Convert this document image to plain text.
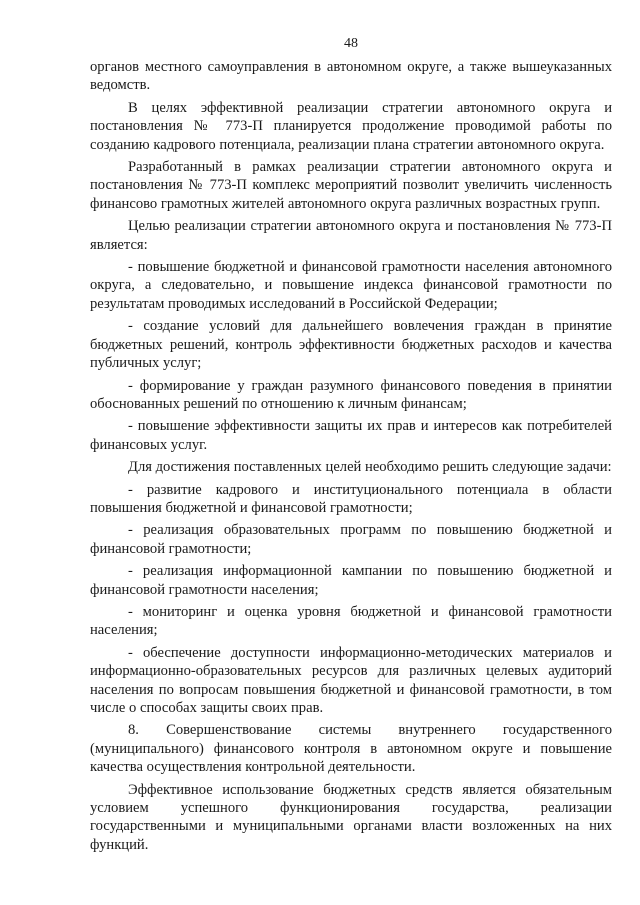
48

органов местного самоуправления в автономном округе, а также вышеуказанных ведомств.

В целях эффективной реализации стратегии автономного округа и постановления № 773-П планируется продолжение проводимой работы по созданию кадрового потенциала, реализации плана стратегии автономного округа.

Разработанный в рамках реализации стратегии автономного округа и постановления № 773-П комплекс мероприятий позволит увеличить численность финансово грамотных жителей автономного округа различных возрастных групп.

Целью реализации стратегии автономного округа и постановления № 773-П является:

- повышение бюджетной и финансовой грамотности населения автономного округа, а следовательно, и повышение индекса финансовой грамотности по результатам проводимых исследований в Российской Федерации;

- создание условий для дальнейшего вовлечения граждан в принятие бюджетных решений, контроль эффективности бюджетных расходов и качества публичных услуг;

- формирование у граждан разумного финансового поведения в принятии обоснованных решений по отношению к личным финансам;

- повышение эффективности защиты их прав и интересов как потребителей финансовых услуг.

Для достижения поставленных целей необходимо решить следующие задачи:

- развитие кадрового и институционального потенциала в области повышения бюджетной и финансовой грамотности;

- реализация образовательных программ по повышению бюджетной и финансовой грамотности;

- реализация информационной кампании по повышению бюджетной и финансовой грамотности населения;

- мониторинг и оценка уровня бюджетной и финансовой грамотности населения;

- обеспечение доступности информационно-методических материалов и информационно-образовательных ресурсов для различных целевых аудиторий населения по вопросам повышения бюджетной и финансовой грамотности, в том числе о способах защиты своих прав.

8. Совершенствование системы внутреннего государственного (муниципального) финансового контроля в автономном округе и повышение качества осуществления контрольной деятельности.

Эффективное использование бюджетных средств является обязательным условием успешного функционирования государства, реализации государственными и муниципальными органами власти возложенных на них функций.
